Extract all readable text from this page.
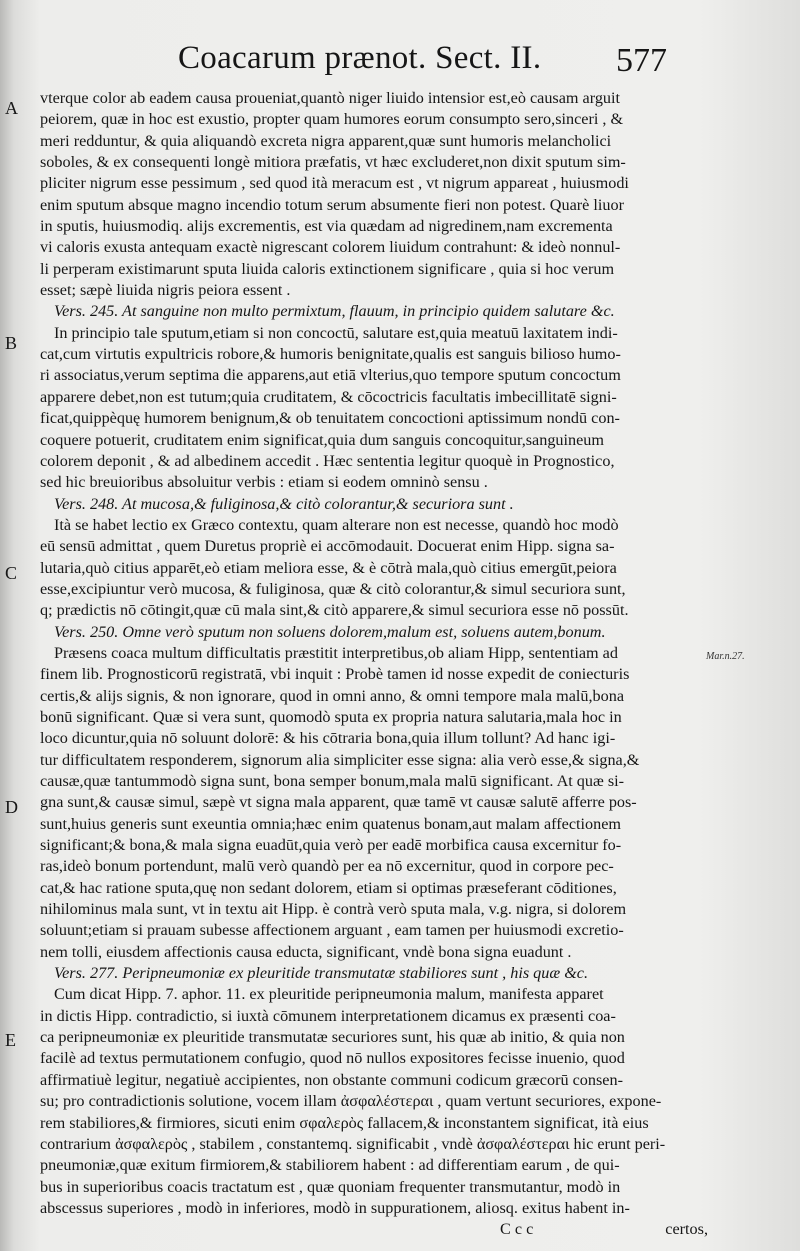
Coacarum prænot. Sect. II. 577
A
B
C
D
E
Mar.n.27.
vterque color ab eadem causa proueniat,quantò niger liuido intensior est,eò causam arguit
peiorem, quæ in hoc est exustio, propter quam humores eorum consumpto sero,sinceri , &
meri redduntur, & quia aliquandò excreta nigra apparent,quæ sunt humoris melancholici
soboles, & ex consequenti longè mitiora præfatis, vt hæc excluderet,non dixit sputum sim-
pliciter nigrum esse pessimum , sed quod ità meracum est , vt nigrum appareat , huiusmodi
enim sputum absque magno incendio totum serum absumente fieri non potest. Quarè liuor
in sputis, huiusmodiq. alijs excrementis, est via quædam ad nigredinem,nam excrementa
vi caloris exusta antequam exactè nigrescant colorem liuidum contrahunt: & ideò nonnul-
li perperam existimarunt sputa liuida caloris extinctionem significare , quia si hoc verum
esset; sæpè liuida nigris peiora essent .
Vers. 245. At sanguine non multo permixtum, flauum, in principio quidem salutare &c.
In principio tale sputum,etiam si non concoctū, salutare est,quia meatuū laxitatem indi-
cat,cum virtutis expultricis robore,& humoris benignitate,qualis est sanguis bilioso humo-
ri associatus,verum septima die apparens,aut etiā vlterius,quo tempore sputum concoctum
apparere debet,non est tutum;quia cruditatem, & cōcoctricis facultatis imbecillitatē signi-
ficat,quippèquę humorem benignum,& ob tenuitatem concoctioni aptissimum nondū con-
coquere potuerit, cruditatem enim significat,quia dum sanguis concoquitur,sanguineum
colorem deponit , & ad albedinem accedit . Hæc sententia legitur quoquè in Prognostico,
sed hic breuioribus absoluitur verbis : etiam si eodem omninò sensu .
Vers. 248. At mucosa,& fuliginosa,& citò colorantur,& securiora sunt .
Ità se habet lectio ex Græco contextu, quam alterare non est necesse, quandò hoc modò
eū sensū admittat , quem Duretus propriè ei accōmodauit. Docuerat enim Hipp. signa sa-
lutaria,quò citius apparēt,eò etiam meliora esse, & è cōtrà mala,quò citius emergūt,peiora
esse,excipiuntur verò mucosa, & fuliginosa, quæ & citò colorantur,& simul securiora sunt,
q; prædictis nō cōtingit,quæ cū mala sint,& citò apparere,& simul securiora esse nō possūt.
Vers. 250. Omne verò sputum non soluens dolorem,malum est, soluens autem,bonum.
Præsens coaca multum difficultatis præstitit interpretibus,ob aliam Hipp, sententiam ad
finem lib. Prognosticorū registratā, vbi inquit : Probè tamen id nosse expedit de coniecturis
certis,& alijs signis, & non ignorare, quod in omni anno, & omni tempore mala malū,bona
bonū significant. Quæ si vera sunt, quomodò sputa ex propria natura salutaria,mala hoc in
loco dicuntur,quia nō soluunt dolorē: & his cōtraria bona,quia illum tollunt? Ad hanc igi-
tur difficultatem responderem, signorum alia simpliciter esse signa: alia verò esse,& signa,&
causæ,quæ tantummodò signa sunt, bona semper bonum,mala malū significant. At quæ si-
gna sunt,& causæ simul, sæpè vt signa mala apparent, quæ tamē vt causæ salutē afferre pos-
sunt,huius generis sunt exeuntia omnia;hæc enim quatenus bonam,aut malam affectionem
significant;& bona,& mala signa euadūt,quia verò per eadē morbifica causa excernitur fo-
ras,ideò bonum portendunt, malū verò quandò per ea nō excernitur, quod in corpore pec-
cat,& hac ratione sputa,quę non sedant dolorem, etiam si optimas præseferant cōditiones,
nihilominus mala sunt, vt in textu ait Hipp. è contrà verò sputa mala, v.g. nigra, si dolorem
soluunt;etiam si prauam subesse affectionem arguant , eam tamen per huiusmodi excretio-
nem tolli, eiusdem affectionis causa educta, significant, vndè bona signa euadunt .
Vers. 277. Peripneumoniæ ex pleuritide transmutatæ stabiliores sunt , his quæ &c.
Cum dicat Hipp. 7. aphor. 11. ex pleuritide peripneumonia malum, manifesta apparet
in dictis Hipp. contradictio, si iuxtà cōmunem interpretationem dicamus ex præsenti coa-
ca peripneumoniæ ex pleuritide transmutatæ securiores sunt, his quæ ab initio, & quia non
facilè ad textus permutationem confugio, quod nō nullos expositores fecisse inuenio, quod
affirmatiuè legitur, negatiuè accipientes, non obstante communi codicum græcorū consen-
su; pro contradictionis solutione, vocem illam ἀσφαλέστεραι , quam vertunt securiores, expone-
rem stabiliores,& firmiores, sicuti enim σφαλερὸς fallacem,& inconstantem significat, ità eius
contrarium ἀσφαλερὸς , stabilem , constantemq. significabit , vndè ἀσφαλέστεραι hic erunt peri-
pneumoniæ,quæ exitum firmiorem,& stabiliorem habent : ad differentiam earum , de qui-
bus in superioribus coacis tractatum est , quæ quoniam frequenter transmutantur, modò in
abscessus superiores , modò in inferiores, modò in suppurationem, aliosq. exitus habent in-
C c c	certos,
